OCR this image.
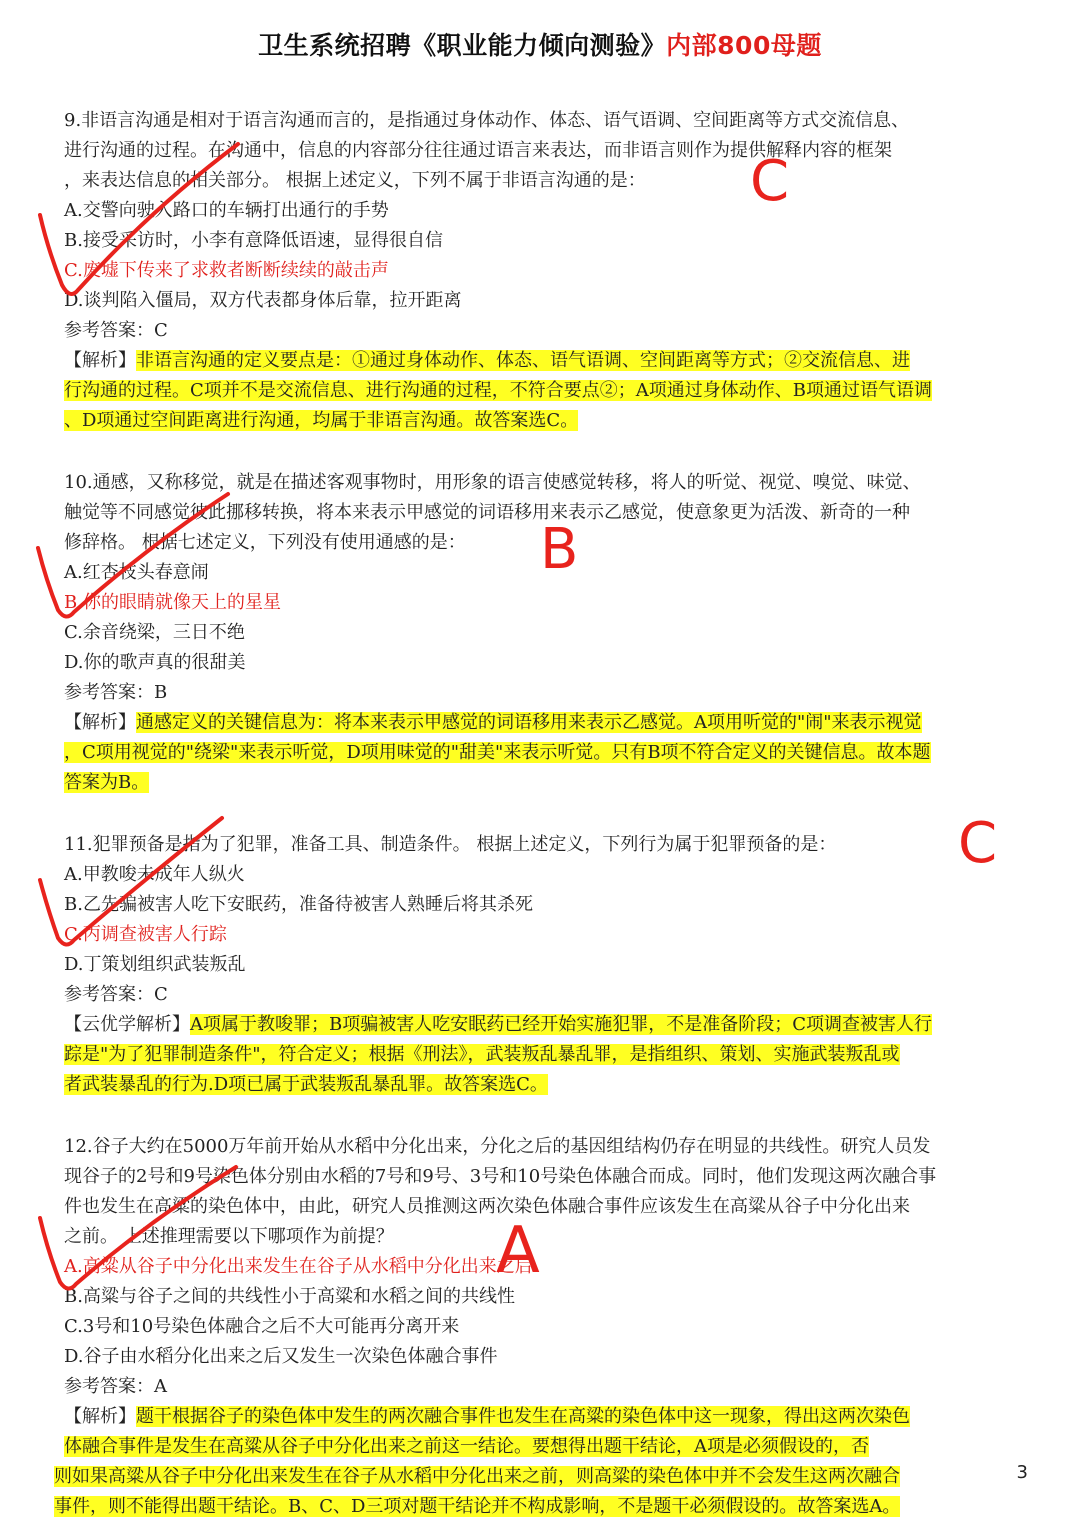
卫生系统招聘《职业能力倾向测验》内部800母题
9.非语言沟通是相对于语言沟通而言的，是指通过身体动作、体态、语气语调、空间距离等方式交流信息、
进行沟通的过程。在沟通中，信息的内容部分往往通过语言来表达，而非语言则作为提供解释内容的框架
，来表达信息的相关部分。 根据上述定义，下列不属于非语言沟通的是：
A.交警向驶入路口的车辆打出通行的手势
B.接受采访时，小李有意降低语速，显得很自信
C.废墟下传来了求救者断断续续的敲击声
D.谈判陷入僵局，双方代表都身体后靠，拉开距离
参考答案：C
【解析】非语言沟通的定义要点是：①通过身体动作、体态、语气语调、空间距离等方式；②交流信息、进
行沟通的过程。C项并不是交流信息、进行沟通的过程，不符合要点②；A项通过身体动作、B项通过语气语调
、D项通过空间距离进行沟通，均属于非语言沟通。故答案选C。
10.通感，又称移觉，就是在描述客观事物时，用形象的语言使感觉转移，将人的听觉、视觉、嗅觉、味觉、
触觉等不同感觉彼此挪移转换，将本来表示甲感觉的词语移用来表示乙感觉，使意象更为活泼、新奇的一种
修辞格。 根据七述定义，下列没有使用通感的是：
A.红杏枝头春意闹
B.你的眼睛就像天上的星星
C.余音绕梁，三日不绝
D.你的歌声真的很甜美
参考答案：B
【解析】通感定义的关键信息为：将本来表示甲感觉的词语移用来表示乙感觉。A项用听觉的"闹"来表示视觉
，C项用视觉的"绕梁"来表示听觉，D项用味觉的"甜美"来表示听觉。只有B项不符合定义的关键信息。故本题
答案为B。
11.犯罪预备是指为了犯罪，准备工具、制造条件。 根据上述定义，下列行为属于犯罪预备的是：
A.甲教唆未成年人纵火
B.乙先骗被害人吃下安眠药，准备待被害人熟睡后将其杀死
C.丙调查被害人行踪
D.丁策划组织武装叛乱
参考答案：C
【云优学解析】A项属于教唆罪；B项骗被害人吃安眠药已经开始实施犯罪，不是准备阶段；C项调查被害人行
踪是"为了犯罪制造条件"，符合定义；根据《刑法》，武装叛乱暴乱罪，是指组织、策划、实施武装叛乱或
者武装暴乱的行为.D项已属于武装叛乱暴乱罪。故答案选C。
12.谷子大约在5000万年前开始从水稻中分化出来，分化之后的基因组结构仍存在明显的共线性。研究人员发
现谷子的2号和9号染色体分别由水稻的7号和9号、3号和10号染色体融合而成。同时，他们发现这两次融合事
件也发生在高粱的染色体中，由此，研究人员推测这两次染色体融合事件应该发生在高粱从谷子中分化出来
之前。 上述推理需要以下哪项作为前提？
A.高粱从谷子中分化出来发生在谷子从水稻中分化出来之后
B.高粱与谷子之间的共线性小于高粱和水稻之间的共线性
C.3号和10号染色体融合之后不大可能再分离开来
D.谷子由水稻分化出来之后又发生一次染色体融合事件
参考答案：A
【解析】题干根据谷子的染色体中发生的两次融合事件也发生在高粱的染色体中这一现象，得出这两次染色
体融合事件是发生在高粱从谷子中分化出来之前这一结论。要想得出题干结论，A项是必须假设的，否
则如果高粱从谷子中分化出来发生在谷子从水稻中分化出来之前，则高粱的染色体中并不会发生这两次融合
事件，则不能得出题干结论。B、C、D三项对题干结论并不构成影响，不是题干必须假设的。故答案选A。
3
C
B
C
A
